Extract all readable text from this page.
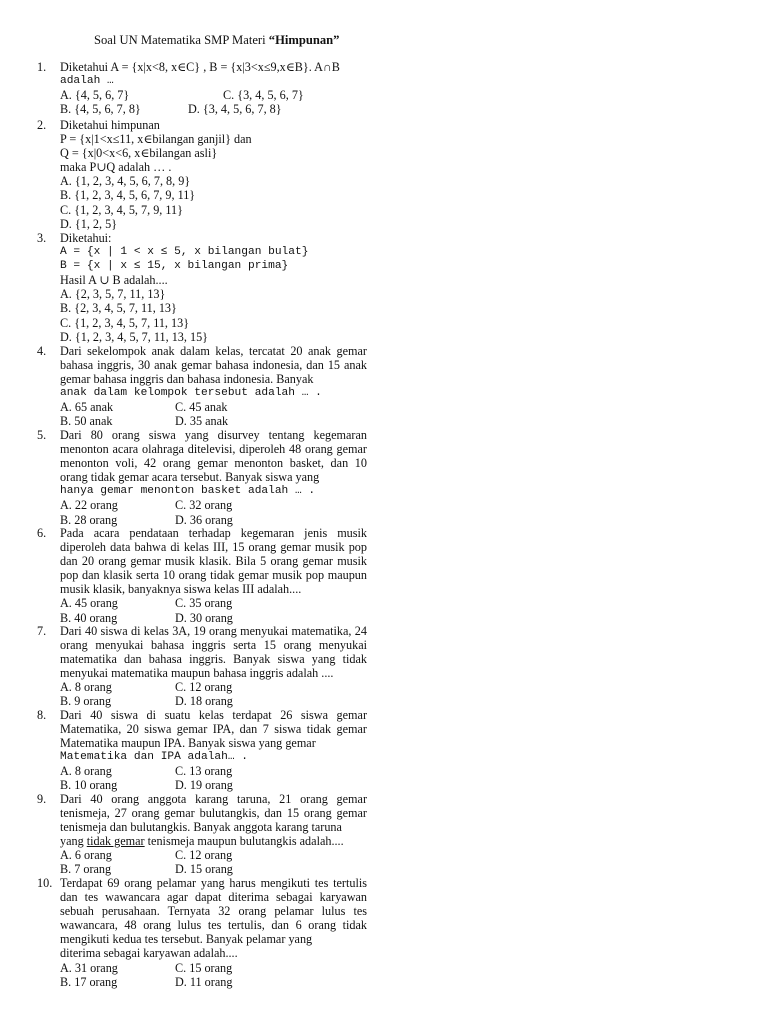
Soal UN Matematika SMP Materi “Himpunan”
1.	Diketahui A = {x|x<8, x∈C} , B = {x|3<x≤9,x∈B}. A∩B
adalah …
A. {4, 5, 6, 7}	C. {3, 4, 5, 6, 7}
B. {4, 5, 6, 7, 8}	D. {3, 4, 5, 6, 7, 8}
2.	Diketahui himpunan
P = {x|1<x≤11, x∈bilangan ganjil} dan
Q = {x|0<x<6, x∈bilangan asli}
maka P∪Q adalah … .
A. {1, 2, 3, 4, 5, 6, 7, 8, 9}
B. {1, 2, 3, 4, 5, 6, 7, 9, 11}
C. {1, 2, 3, 4, 5, 7, 9, 11}
D. {1, 2, 5}
3.	Diketahui:
A = {x | 1 < x ≤ 5, x bilangan bulat}
B = {x | x ≤ 15, x bilangan prima}
Hasil A ∪ B adalah....
A. {2, 3, 5, 7, 11, 13}
B. {2, 3, 4, 5, 7, 11, 13}
C. {1, 2, 3, 4, 5, 7, 11, 13}
D. {1, 2, 3, 4, 5, 7, 11, 13, 15}
4.	Dari sekelompok anak dalam kelas, tercatat 20 anak gemar bahasa inggris, 30 anak gemar bahasa indonesia, dan 15 anak gemar bahasa inggris dan bahasa indonesia. Banyak
anak dalam kelompok tersebut adalah … .
A. 65 anak	C. 45 anak
B. 50 anak	D. 35 anak
5.	Dari 80 orang siswa yang disurvey tentang kegemaran menonton acara olahraga ditelevisi, diperoleh 48 orang gemar menonton voli, 42 orang gemar menonton basket, dan 10 orang tidak gemar acara tersebut. Banyak siswa yang
hanya gemar menonton basket adalah … .
A. 22 orang	C. 32 orang
B. 28 orang	D. 36 orang
6.	Pada acara pendataan terhadap kegemaran jenis musik diperoleh data bahwa di kelas III, 15 orang gemar musik pop dan 20 orang gemar musik klasik. Bila 5 orang gemar musik pop dan klasik serta 10 orang tidak gemar musik pop maupun musik klasik, banyaknya siswa kelas III adalah....
A. 45 orang	C. 35 orang
B. 40 orang	D. 30 orang
7.	Dari 40 siswa di kelas 3A, 19 orang menyukai matematika, 24 orang menyukai bahasa inggris serta 15 orang menyukai matematika dan bahasa inggris. Banyak siswa yang tidak menyukai matematika maupun bahasa inggris adalah ....
A. 8 orang	C. 12 orang
B. 9 orang	D. 18 orang
8.	Dari 40 siswa di suatu kelas terdapat 26 siswa gemar Matematika, 20 siswa gemar IPA, dan 7 siswa tidak gemar Matematika maupun IPA. Banyak siswa yang gemar
Matematika dan IPA adalah… .
A. 8 orang	C. 13 orang
B. 10 orang	D. 19 orang
9.	Dari 40 orang anggota karang taruna, 21 orang gemar tenismeja, 27 orang gemar bulutangkis, dan 15 orang gemar tenismeja dan bulutangkis. Banyak anggota karang taruna
yang tidak gemar tenismeja maupun bulutangkis adalah....
A. 6 orang	C. 12 orang
B. 7 orang	D. 15 orang
10. Terdapat 69 orang pelamar yang harus mengikuti tes tertulis dan tes wawancara agar dapat diterima sebagai karyawan sebuah perusahaan. Ternyata 32 orang pelamar lulus tes wawancara, 48 orang lulus tes tertulis, dan 6 orang tidak mengikuti kedua tes tersebut. Banyak pelamar yang
diterima sebagai karyawan adalah....
A. 31 orang	C. 15 orang
B. 17 orang	D. 11 orang
